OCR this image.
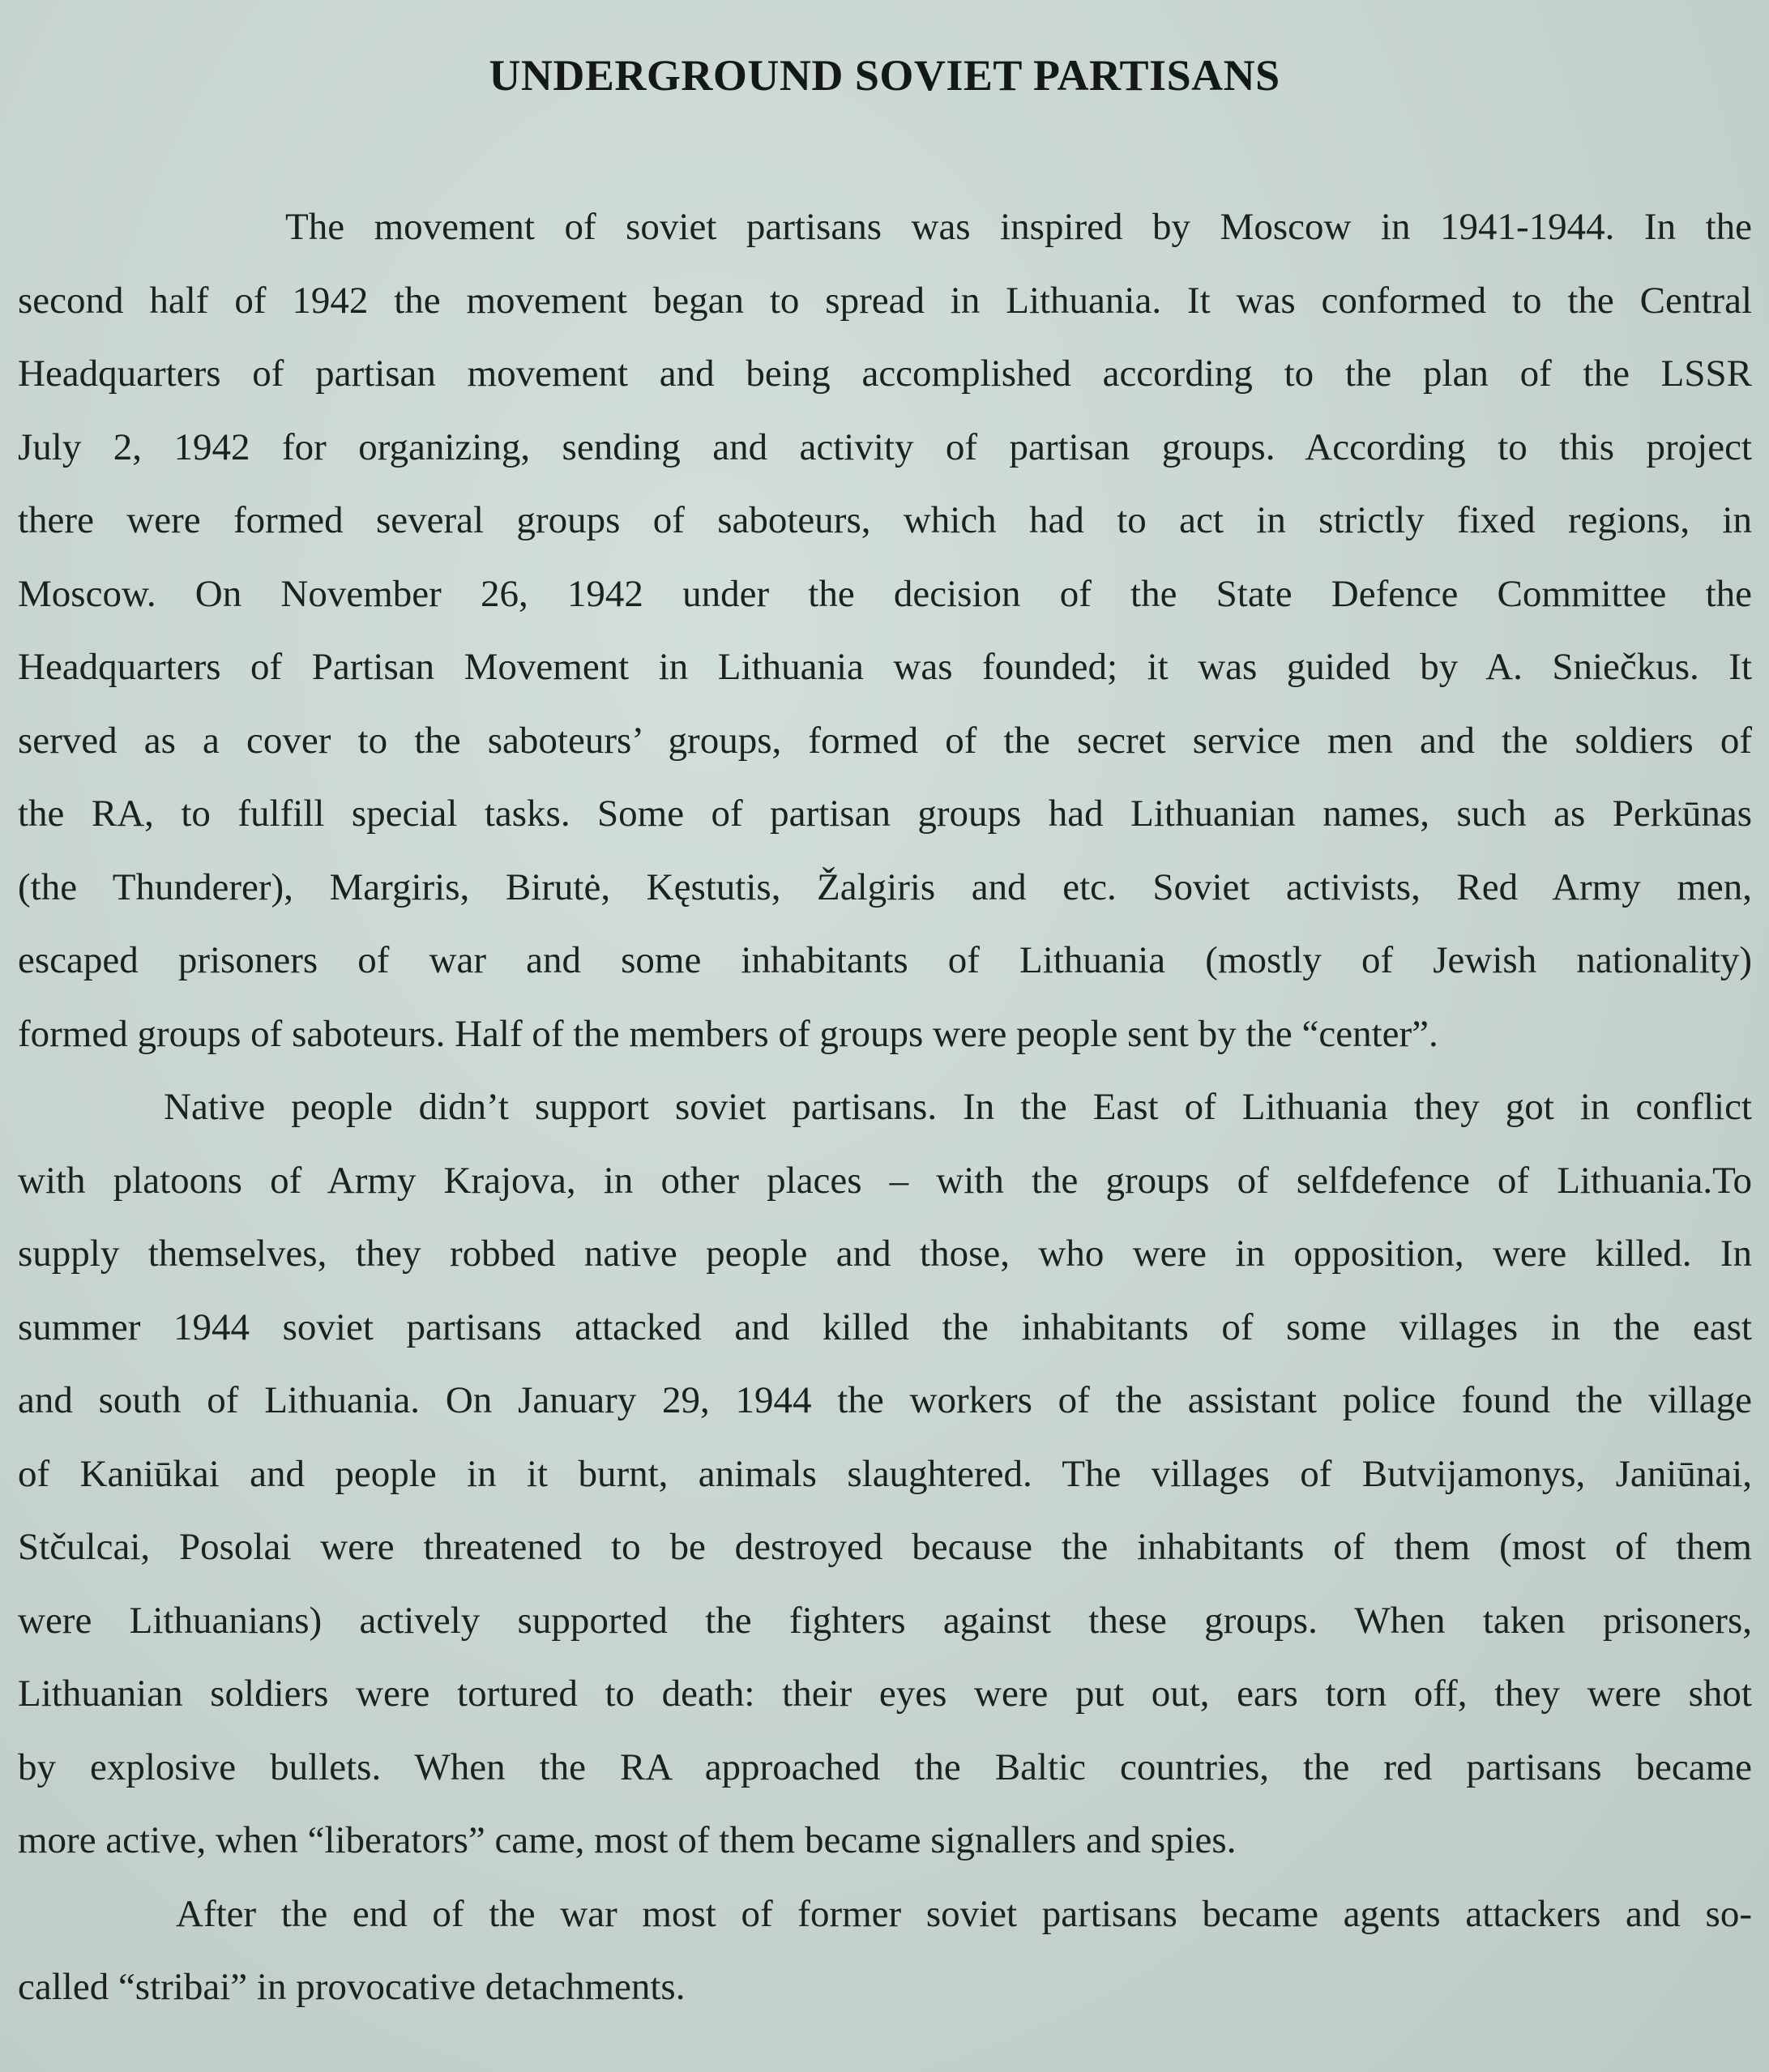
UNDERGROUND SOVIET PARTISANS
The movement of soviet partisans was inspired by Moscow in 1941-1944. In the
second half of 1942 the movement began to spread in Lithuania. It was conformed to the Central
Headquarters of partisan movement and being accomplished according to the plan of the LSSR
July 2, 1942 for organizing, sending and activity of partisan groups. According to this project
there were formed several groups of saboteurs, which had to act in strictly fixed regions, in
Moscow. On November 26, 1942 under the decision of the State Defence Committee the
Headquarters of Partisan Movement in Lithuania was founded; it was guided by A. Sniečkus. It
served as a cover to the saboteurs’ groups, formed of the secret service men and the soldiers of
the RA, to fulfill special tasks. Some of partisan groups had Lithuanian names, such as Perkūnas
(the Thunderer), Margiris, Birutė, Kęstutis, Žalgiris and etc. Soviet activists, Red Army men,
escaped prisoners of war and some inhabitants of Lithuania (mostly of Jewish nationality)
formed groups of saboteurs. Half of the members of groups were people sent by the “center”.
Native people didn’t support soviet partisans. In the East of Lithuania they got in conflict
with platoons of Army Krajova, in other places – with the groups of selfdefence of Lithuania.To
supply themselves, they robbed native people and those, who were in opposition, were killed. In
summer 1944 soviet partisans attacked and killed the inhabitants of some villages in the east
and south of Lithuania. On January 29, 1944 the workers of the assistant police found the village
of Kaniūkai and people in it burnt, animals slaughtered. The villages of Butvijamonys, Janiūnai,
Stčulcai, Posolai were threatened to be destroyed because the inhabitants of them (most of them
were Lithuanians) actively supported the fighters against these groups. When taken prisoners,
Lithuanian soldiers were tortured to death: their eyes were put out, ears torn off, they were shot
by explosive bullets. When the RA approached the Baltic countries, the red partisans became
more active, when “liberators” came, most of them became signallers and spies.
After the end of the war most of former soviet partisans became agents attackers and so-
called “stribai” in provocative detachments.
